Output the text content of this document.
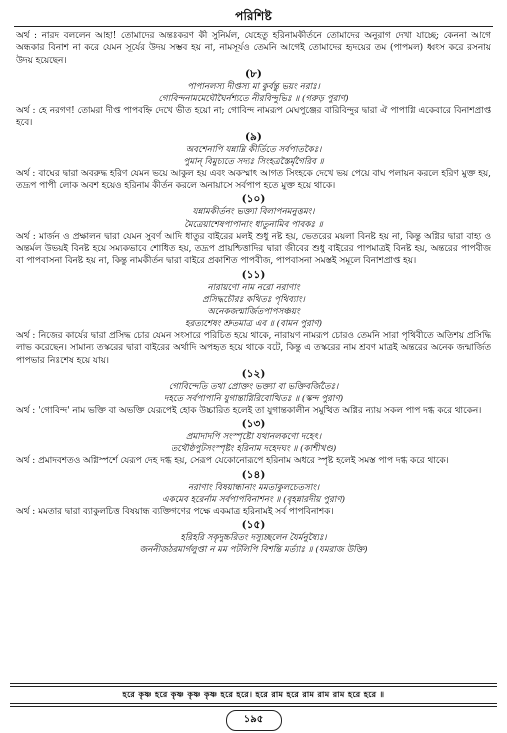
পরিশিষ্ট

অর্থ : নারদ বললেন আহা! তোমাদের অন্তঃকরণ কী সুনির্মল, যেহেতু হরিনামকীর্তনে তোমাদের অনুরাগ দেখা যাচ্ছে; কেননা আগে অন্ধকার বিনাশ না করে যেমন সূর্যের উদয় সম্ভব হয় না, নামসূর্যও তেমনি আগেই তোমাদের হৃদয়ের তম (পাপমল) ধ্বংস করে রসনায় উদয় হয়েছেন।

(৮)

পাপানলস্য দীপ্তস্য মা কুর্বন্তু ভয়ং নরাঃ।

গোবিন্দনামমেঘৌঘৈর্নশ্যতে নীরবিন্দুভিঃ ॥ (গরুড় পুরাণ)

অর্থ : হে নরগণ! তোমরা দীপ্ত পাপবহ্নি দেখে ভীত হয়ো না; গোবিন্দ নামরূপ মেঘপুঞ্জের বারিবিন্দুর দ্বারা ঐ পাপাগ্নি একেবারে বিনাশপ্রাপ্ত হবে।

(৯)

অবশেনাপি যন্নাম্নি কীর্তিতে সর্বপাতকৈঃ।

পুমান্ বিমুচ্যতে সদ্যঃ সিংহত্রস্তৈর্মৃগৈরিব ॥

অর্থ : বাঘের দ্বারা অবরুদ্ধ হরিণ যেমন ভয়ে আকুল হয় এবং অকস্মাৎ আগত সিংহকে দেখে ভয় পেয়ে বাঘ পলায়ন করলে হরিণ মুক্ত হয়, তদ্রূপ পাপী লোক অবশ হয়েও হরিনাম কীর্তন করলে অনায়াসে সর্বপাপ হতে মুক্ত হয়ে থাকে।

(১০)

যন্নামকীর্তনং ভক্ত্যা বিলাপনমনুত্তমং।

মৈত্রেয়াশেষপাপানাং ধাতুনামিব পাবকঃ ॥

অর্থ : মার্জন ও প্রক্ষালন দ্বারা যেমন সুবর্ণ আদি ধাতুর বাইরের মলই শুধু নষ্ট হয়, ভেতরের ময়লা বিনষ্ট হয় না, কিন্তু অগ্নির দ্বারা বাহ্য ও অন্তর্মল উভয়ই বিনষ্ট হয়ে সম্যকভাবে শোধিত হয়, তদ্রূপ প্রায়শ্চিত্তাদির দ্বারা জীবের শুধু বাইরের পাপমাত্রই বিনষ্ট হয়, অন্তরের পাপবীজ বা পাপবাসনা বিনষ্ট হয় না, কিন্তু নামকীর্তন দ্বারা বাইরে প্রকাশিত পাপবীজ, পাপবাসনা সমস্তই সমূলে বিনাশপ্রাপ্ত হয়।

(১১)

নারায়ণো নাম নরো নরাণাং

প্রসিদ্ধচৌরঃ কথিতঃ পৃথিব্যাং।

অনেকজন্মার্জিতপাপসঞ্চয়ং

হরত্যশেষং শ্রুতমাত্র এব ॥ (বামন পুরাণ)

অর্থ : নিজের কার্যের দ্বারা প্রসিদ্ধ চোর যেমন সংসারে পরিচিত হয়ে থাকে, নারায়ণ নামরূপ চোরও তেমনি সারা পৃথিবীতে অতিশয় প্রসিদ্ধি লাভ করেছেন। সামান্য তস্করের দ্বারা বাইরের অর্থাদি অপহৃত হয়ে থাকে বটে, কিন্তু এ তস্করের নাম শ্রবণ মাত্রই অন্তরের অনেক জন্মার্জিত পাপভার নিঃশেষ হয়ে যায়।

(১২)

গোবিন্দেতি তথা প্রোক্তং ভক্ত্যা বা ভক্তিবর্জিতৈঃ।

দহতে সর্বপাপানি যুগান্তাগ্নিরিবোত্থিতঃ ॥ (স্কন্দ পুরাণ)

অর্থ : 'গোবিন্দ' নাম ভক্তি বা অভক্তি যেরূপেই হোক উচ্চারিত হলেই তা যুগান্তকালীন সমুত্থিত অগ্নির ন্যায় সকল পাপ দগ্ধ করে থাকেন।

(১৩)

প্রমাদাদপি সংস্পৃষ্টো যথানলকণো দহেৎ।

তথৌষ্ঠপুটসংস্পৃষ্টং হরিনাম দহেদঘং ॥ (কাশীখণ্ড)

অর্থ : প্রমাদবশতও অগ্নিস্পর্শে যেরূপ দেহ দগ্ধ হয়, সেরূপ যেকোনোরূপে হরিনাম অধরে স্পৃষ্ট হলেই সমস্ত পাপ দগ্ধ করে থাকে।

(১৪)

নরাণাং বিষয়ান্ধানাং মমতাকুলচেতসাং।

একমেব হরের্নাম সর্বপাপবিনাশনং ॥ (বৃহন্নারদীয় পুরাণ)

অর্থ : মমতার দ্বারা ব্যাকুলচিত্ত বিষয়ান্ধ ব্যক্তিগণের পক্ষে একমাত্র হরিনামই সর্ব পাপবিনাশক।

(১৫)

হরিহরি সকৃদুচ্চরিতং দস্যুচ্ছলেন যৈর্মনুষ্যৈঃ।

জননীজঠরমার্গলুপ্তা ন মম পটলিপি বিশন্তি মর্ত্যাঃ ॥ (যমরাজ উক্তি)

হরে কৃষ্ণ হরে কৃষ্ণ কৃষ্ণ কৃষ্ণ হরে হরে। হরে রাম হরে রাম রাম রাম হরে হরে ॥
১৯৫
